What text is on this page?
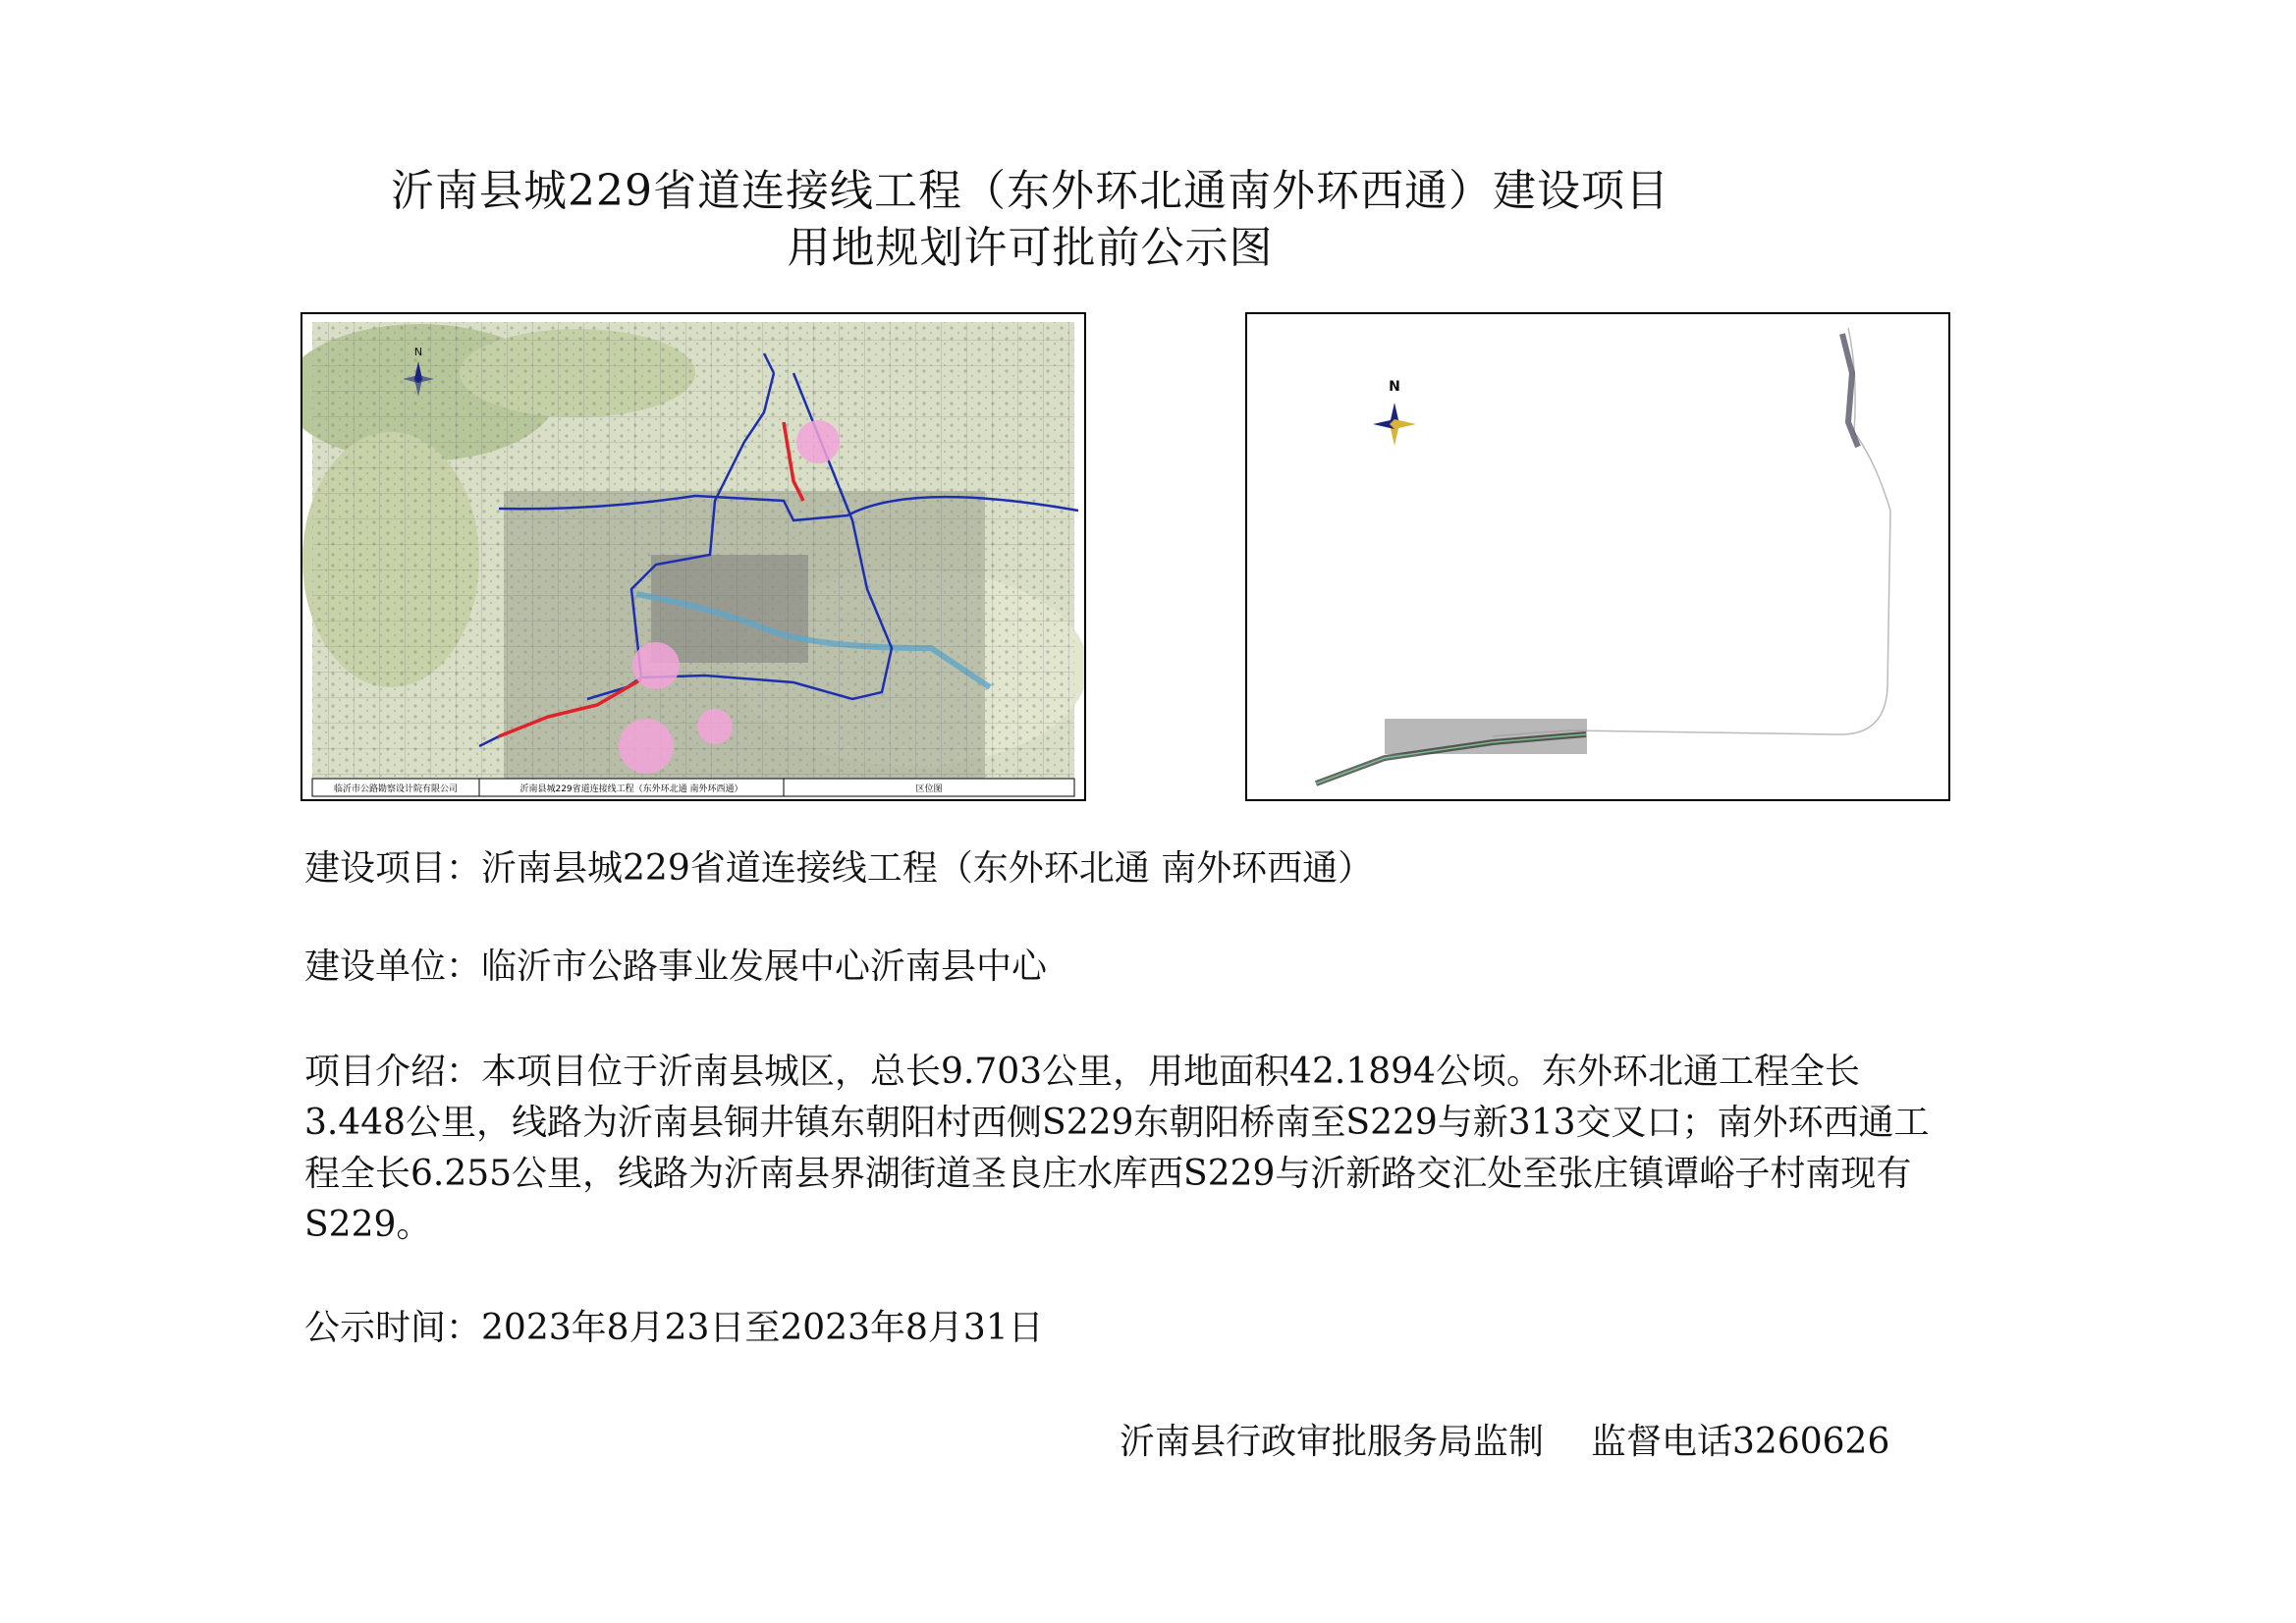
沂南县城229省道连接线工程（东外环北通南外环西通）建设项目
用地规划许可批前公示图
N
临沂市公路勘察设计院有限公司	沂南县城229省道连接线工程（东外环北通 南外环西通）	区位图
N
建设项目：沂南县城229省道连接线工程（东外环北通 南外环西通）
建设单位：临沂市公路事业发展中心沂南县中心
项目介绍：本项目位于沂南县城区，总长9.703公里，用地面积42.1894公顷。东外环北通工程全长3.448公里，线路为沂南县铜井镇东朝阳村西侧S229东朝阳桥南至S229与新313交叉口；南外环西通工程全长6.255公里，线路为沂南县界湖街道圣良庄水库西S229与沂新路交汇处至张庄镇谭峪子村南现有S229。
公示时间：2023年8月23日至2023年8月31日
沂南县行政审批服务局监制 监督电话3260626
